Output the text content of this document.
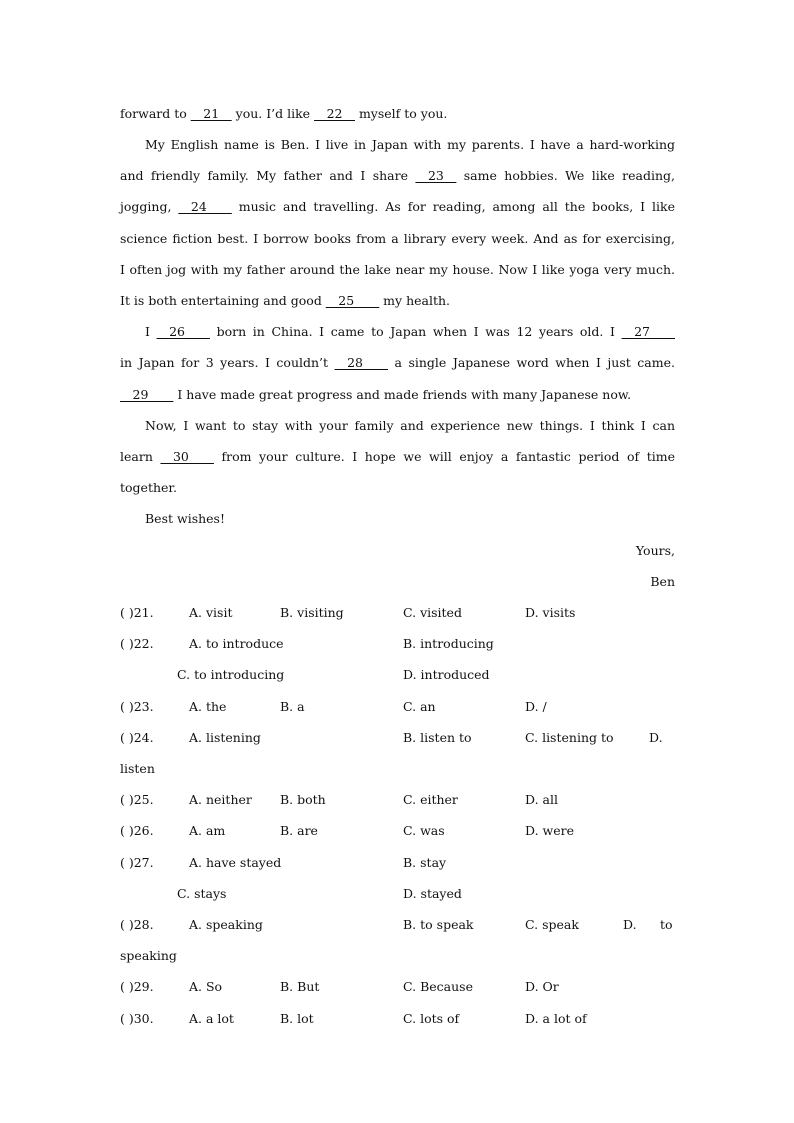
forward to __21__ you. I’d like __22__ myself to you.
My English name is Ben. I live in Japan with my parents. I have a hard-working
and friendly family. My father and I share __23__ same hobbies. We like reading,
jogging, __24____ music and travelling. As for reading, among all the books, I like
science fiction best. I borrow books from a library every week. And as for exercising,
I often jog with my father around the lake near my house. Now I like yoga very much.
It is both entertaining and good __25____ my health.
I __26____ born in China. I came to Japan when I was 12 years old. I __27____
in Japan for 3 years. I couldn’t __28____ a single Japanese word when I just came.
__29____ I have made great progress and made friends with many Japanese now.
Now, I want to stay with your family and experience new things. I think I can
learn __30____ from your culture. I hope we will enjoy a fantastic period of time
together.
Best wishes!
Yours,
Ben
( )21.	A. visit	B. visiting	C. visited	D. visits
( )22.	A. to introduce	B. introducing
C. to introducing	D. introduced
( )23.	A. the	B. a	C. an	D. /
( )24.	A. listening	B. listen to	C. listening to	D.
listen
( )25.	A. neither B. both	C. either	D. all
( )26.	A. am	B. are	C. was	D. were
( )27.	A. have stayed	B. stay
C. stays	D. stayed
( )28.	A. speaking	B. to speak	C. speak	D. to
speaking
( )29.	A. So	B. But	C. Because	D. Or
( )30.	A. a lot	B. lot	C. lots of	D. a lot of
